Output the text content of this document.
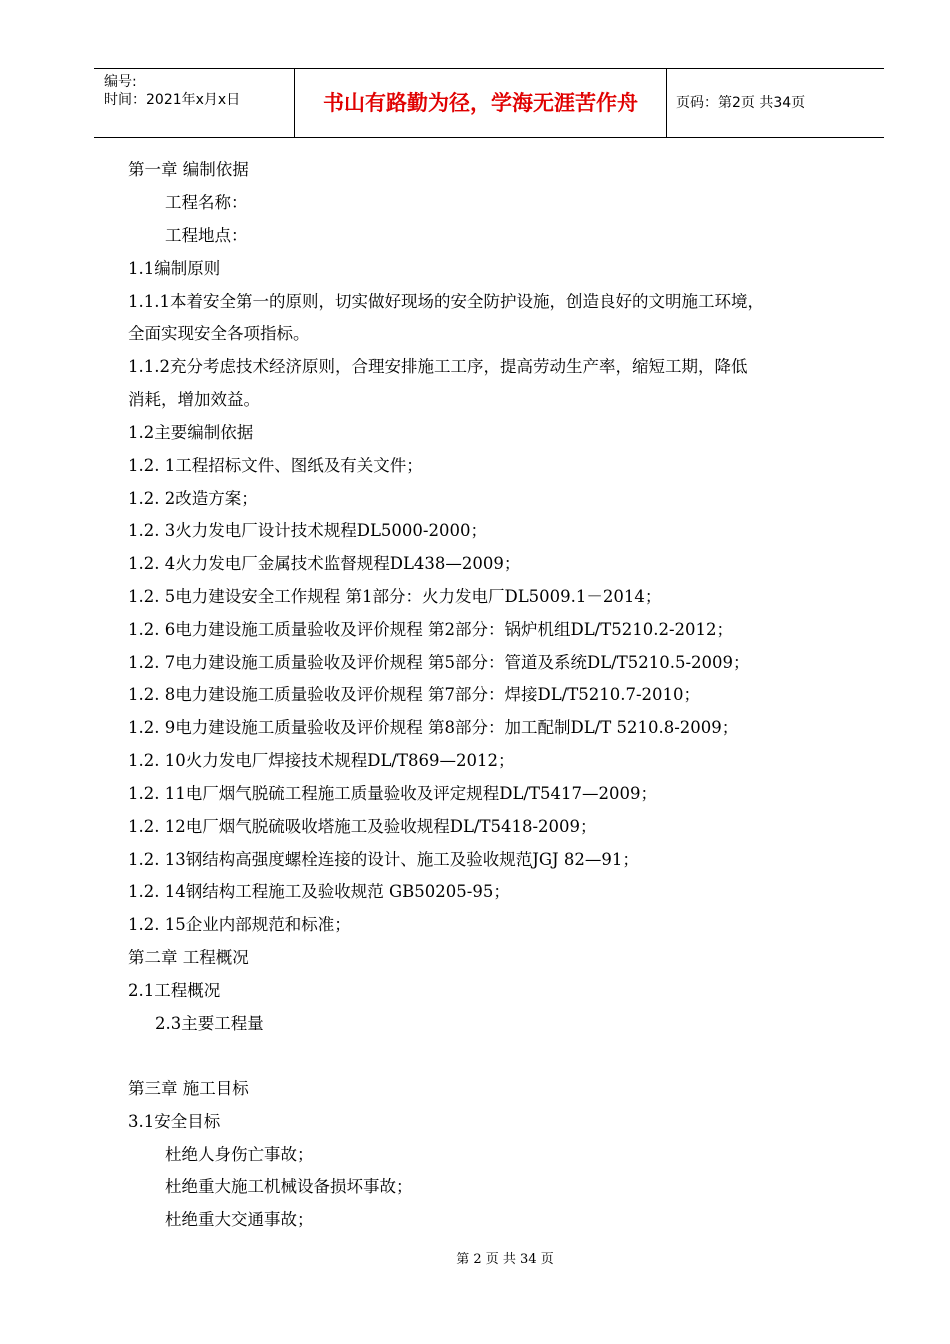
编号:
时间：2021年x月x日	书山有路勤为径，学海无涯苦作舟	页码：第2页 共34页
第一章 编制依据
工程名称：
工程地点：
1.1编制原则
1.1.1本着安全第一的原则，切实做好现场的安全防护设施，创造良好的文明施工环境，
全面实现安全各项指标。
1.1.2充分考虑技术经济原则，合理安排施工工序，提高劳动生产率，缩短工期，降低
消耗，增加效益。
1.2主要编制依据
1.2. 1工程招标文件、图纸及有关文件；
1.2. 2改造方案；
1.2. 3火力发电厂设计技术规程DL5000-2000；
1.2. 4火力发电厂金属技术监督规程DL438—2009；
1.2. 5电力建设安全工作规程 第1部分：火力发电厂DL5009.1－2014；
1.2. 6电力建设施工质量验收及评价规程 第2部分：锅炉机组DL/T5210.2-2012；
1.2. 7电力建设施工质量验收及评价规程 第5部分：管道及系统DL/T5210.5-2009；
1.2. 8电力建设施工质量验收及评价规程 第7部分：焊接DL/T5210.7-2010；
1.2. 9电力建设施工质量验收及评价规程 第8部分：加工配制DL/T 5210.8-2009；
1.2. 10火力发电厂焊接技术规程DL/T869—2012；
1.2. 11电厂烟气脱硫工程施工质量验收及评定规程DL/T5417—2009；
1.2. 12电厂烟气脱硫吸收塔施工及验收规程DL/T5418-2009；
1.2. 13钢结构高强度螺栓连接的设计、施工及验收规范JGJ 82—91；
1.2. 14钢结构工程施工及验收规范 GB50205-95；
1.2. 15企业内部规范和标准；
第二章 工程概况
2.1工程概况
2.3主要工程量
第三章 施工目标
3.1安全目标
杜绝人身伤亡事故；
杜绝重大施工机械设备损坏事故；
杜绝重大交通事故；
第 2 页 共 34 页
